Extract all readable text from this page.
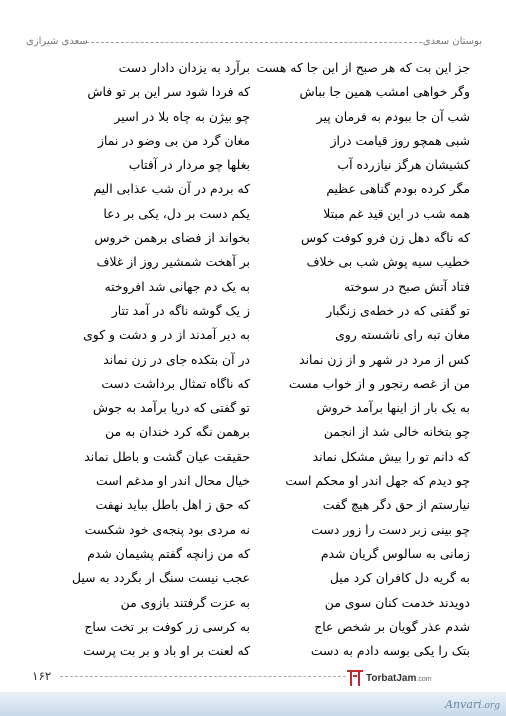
بوستان سعدی
سعدی شیرازی
جز این بت که هر صبح از این جا که هست
برآرد به یزدان دادار دست
وگر خواهی امشب همین جا بباش
که فردا شود سر این بر تو فاش
شب آن جا ببودم به فرمان پیر
چو بیژن به چاه بلا در اسیر
شبی همچو روز قیامت دراز
مغان گرد من بی وضو در نماز
کشیشان هرگز نیازرده آب
بغلها چو مردار در آفتاب
مگر کرده بودم گناهی عظیم
که بردم در آن شب عذابی الیم
همه شب در این قید غم مبتلا
یکم دست بر دل، یکی بر دعا
که ناگه دهل زن فرو کوفت کوس
بخواند از فضای برهمن خروس
خطیب سیه پوش شب بی خلاف
بر آهخت شمشیر روز از غلاف
فتاد آتش صبح در سوخته
به یک دم جهانی شد افروخته
تو گفتی که در خطه‌ی زنگبار
ز یک گوشه ناگه در آمد تتار
مغان تبه رای ناشسته روی
به دیر آمدند از در و دشت و کوی
کس از مرد در شهر و از زن نماند
در آن بتکده جای در زن نماند
من از غصه رنجور و از خواب مست
که ناگاه تمثال برداشت دست
به یک بار از اینها برآمد خروش
تو گفتی که دریا برآمد به جوش
چو بتخانه خالی شد از انجمن
برهمن نگه کرد خندان به من
که دانم تو را بیش مشکل نماند
حقیقت عیان گشت و باطل نماند
چو دیدم که جهل اندر او محکم است
خیال محال اندر او مدغم است
نیارستم از حق دگر هیچ گفت
که حق ز اهل باطل بباید نهفت
چو بینی زبر دست را زور دست
نه مردی بود پنجه‌ی خود شکست
زمانی به سالوس گریان شدم
که من زانچه گفتم پشیمان شدم
به گریه دل کافران کرد میل
عجب نیست سنگ ار بگردد به سیل
دویدند خدمت کنان سوی من
به عزت گرفتند بازوی من
شدم عذر گویان بر شخص عاج
به کرسی زر کوفت بر تخت ساج
بتک را یکی بوسه دادم به دست
که لعنت بر او باد و بر بت پرست
۱۶۲	TorbatJam.com
Anvari.org
